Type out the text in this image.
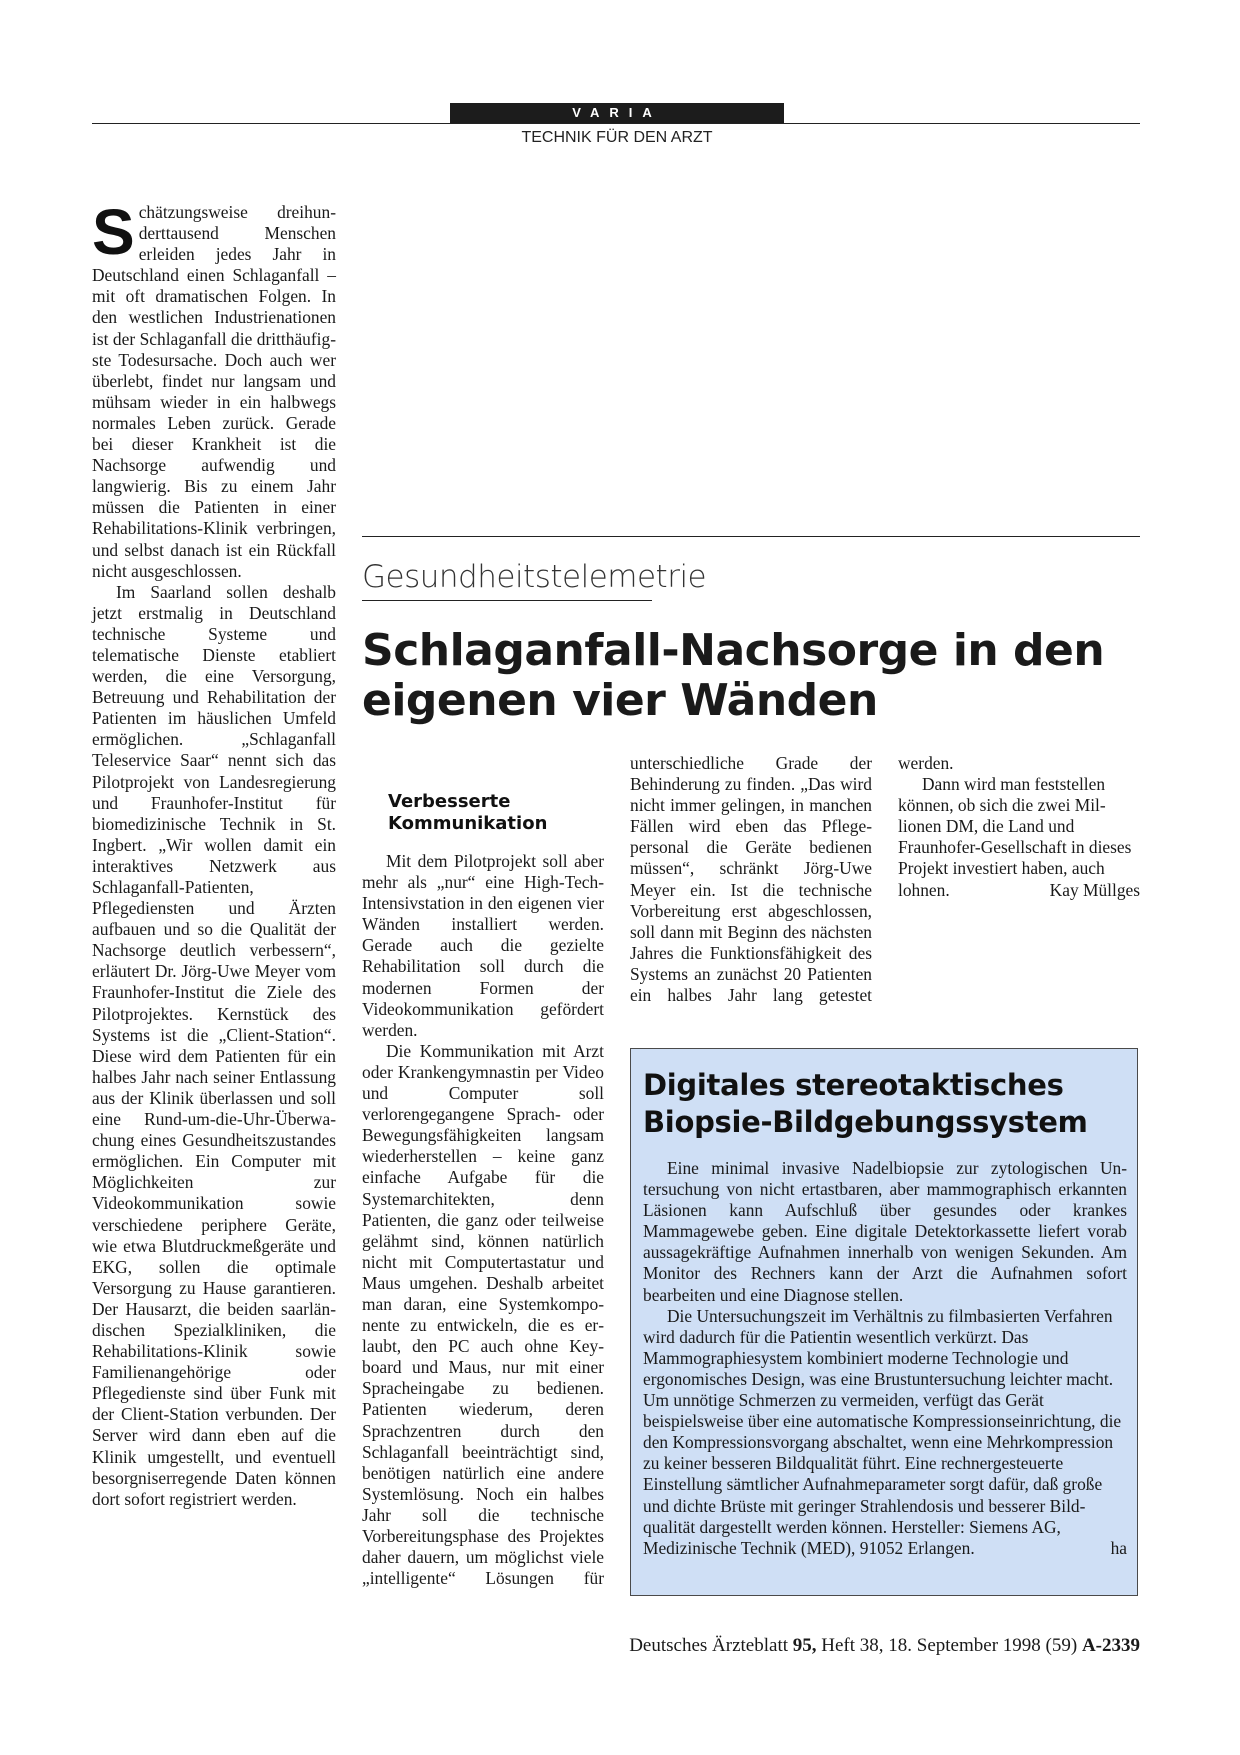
VARIA
TECHNIK FÜR DEN ARZT

Schätzungsweise dreihunderttausend Menschen erleiden jedes Jahr in Deutschland einen Schlaganfall – mit oft dramatischen Folgen. In den westlichen Industrienationen ist der Schlaganfall die dritthäufigste Todesursache. Doch auch wer überlebt, findet nur langsam und mühsam wieder in ein halbwegs normales Leben zurück. Gerade bei dieser Krankheit ist die Nachsorge aufwendig und langwierig. Bis zu einem Jahr müssen die Patienten in einer Rehabilitations-Klinik verbringen, und selbst danach ist ein Rückfall nicht ausgeschlossen.

Im Saarland sollen deshalb jetzt erstmalig in Deutschland technische Systeme und telematische Dienste etabliert werden, die eine Versorgung, Betreuung und Rehabilitation der Patienten im häuslichen Umfeld ermöglichen. „Schlaganfall Teleservice Saar“ nennt sich das Pilotprojekt von Landesregierung und Fraunhofer-Institut für biomedizinische Technik in St. Ingbert. „Wir wollen damit ein interaktives Netzwerk aus Schlaganfall-Patienten, Pflegediensten und Ärzten aufbauen und so die Qualität der Nachsorge deutlich verbessern“, erläutert Dr. Jörg-Uwe Meyer vom Fraunhofer-Institut die Ziele des Pilotprojektes. Kernstück des Systems ist die „Client-Station“. Diese wird dem Patienten für ein halbes Jahr nach seiner Entlassung aus der Klinik überlassen und soll eine Rund-um-die-Uhr-Überwachung eines Gesundheitszustandes ermöglichen. Ein Computer mit Möglichkeiten zur Videokommunikation sowie verschiedene periphere Geräte, wie etwa Blutdruckmeßgeräte und EKG, sollen die optimale Versorgung zu Hause garantieren. Der Hausarzt, die beiden saarländischen Spezialkliniken, die Rehabilitations-Klinik sowie Familienangehörige oder Pflegedienste sind über Funk mit der Client-Station verbunden. Der Server wird dann eben auf die Klinik umgestellt, und eventuell besorgniserregende Daten können dort sofort registriert werden.

Gesundheitstelemetrie
Schlaganfall-Nachsorge in den eigenen vier Wänden
Verbesserte Kommunikation

Mit dem Pilotprojekt soll aber mehr als „nur“ eine High-Tech-Intensivstation in den eigenen vier Wänden installiert werden. Gerade auch die gezielte Rehabilitation soll durch die modernen Formen der Videokommunikation gefördert werden.

Die Kommunikation mit Arzt oder Krankengymnastin per Video und Computer soll verlorengegangene Sprach- oder Bewegungsfähigkeiten langsam wiederherstellen – keine ganz einfache Aufgabe für die Systemarchitekten, denn Patienten, die ganz oder teilweise gelähmt sind, können natürlich nicht mit Computertastatur und Maus umgehen. Deshalb arbeitet man daran, eine Systemkomponente zu entwickeln, die es erlaubt, den PC auch ohne Keyboard und Maus, nur mit einer Spracheingabe zu bedienen. Patienten wiederum, deren Sprachzentren durch den Schlaganfall beeinträchtigt sind, benötigen natürlich eine andere Systemlösung. Noch ein halbes Jahr soll die technische Vorbereitungsphase des Projektes daher dauern, um möglichst viele „intelligente“ Lösungen für

unterschiedliche Grade der Behinderung zu finden. „Das wird nicht immer gelingen, in manchen Fällen wird eben das Pflegepersonal die Geräte bedienen müssen“, schränkt Jörg-Uwe Meyer ein. Ist die technische Vorbereitung erst abgeschlossen, soll dann mit Beginn des nächsten Jahres die Funktionsfähigkeit des Systems an zunächst 20 Patienten ein halbes Jahr lang getestet

werden.

Dann wird man feststellen können, ob sich die zwei Millionen DM, die Land und Fraunhofer-Gesellschaft in dieses Projekt investiert haben, auch lohnen.	Kay Müllges

Digitales stereotaktisches Biopsie-Bildgebungssystem

Eine minimal invasive Nadelbiopsie zur zytologischen Untersuchung von nicht ertastbaren, aber mammographisch erkannten Läsionen kann Aufschluß über gesundes oder krankes Mammagewebe geben. Eine digitale Detektorkassette liefert vorab aussagekräftige Aufnahmen innerhalb von wenigen Sekunden. Am Monitor des Rechners kann der Arzt die Aufnahmen sofort bearbeiten und eine Diagnose stellen.

Die Untersuchungszeit im Verhältnis zu filmbasierten Verfahren wird dadurch für die Patientin wesentlich verkürzt. Das Mammographiesystem kombiniert moderne Technologie und ergonomisches Design, was eine Brustuntersuchung leichter macht. Um unnötige Schmerzen zu vermeiden, verfügt das Gerät beispielsweise über eine automatische Kompressionseinrichtung, die den Kompressionsvorgang abschaltet, wenn eine Mehrkompression zu keiner besseren Bildqualität führt. Eine rechnergesteuerte Einstellung sämtlicher Aufnahmeparameter sorgt dafür, daß große und dichte Brüste mit geringer Strahlendosis und besserer Bildqualität dargestellt werden können. Hersteller: Siemens AG, Medizinische Technik (MED), 91052 Erlangen.	ha

Deutsches Ärzteblatt 95, Heft 38, 18. September 1998 (59) A-2339
